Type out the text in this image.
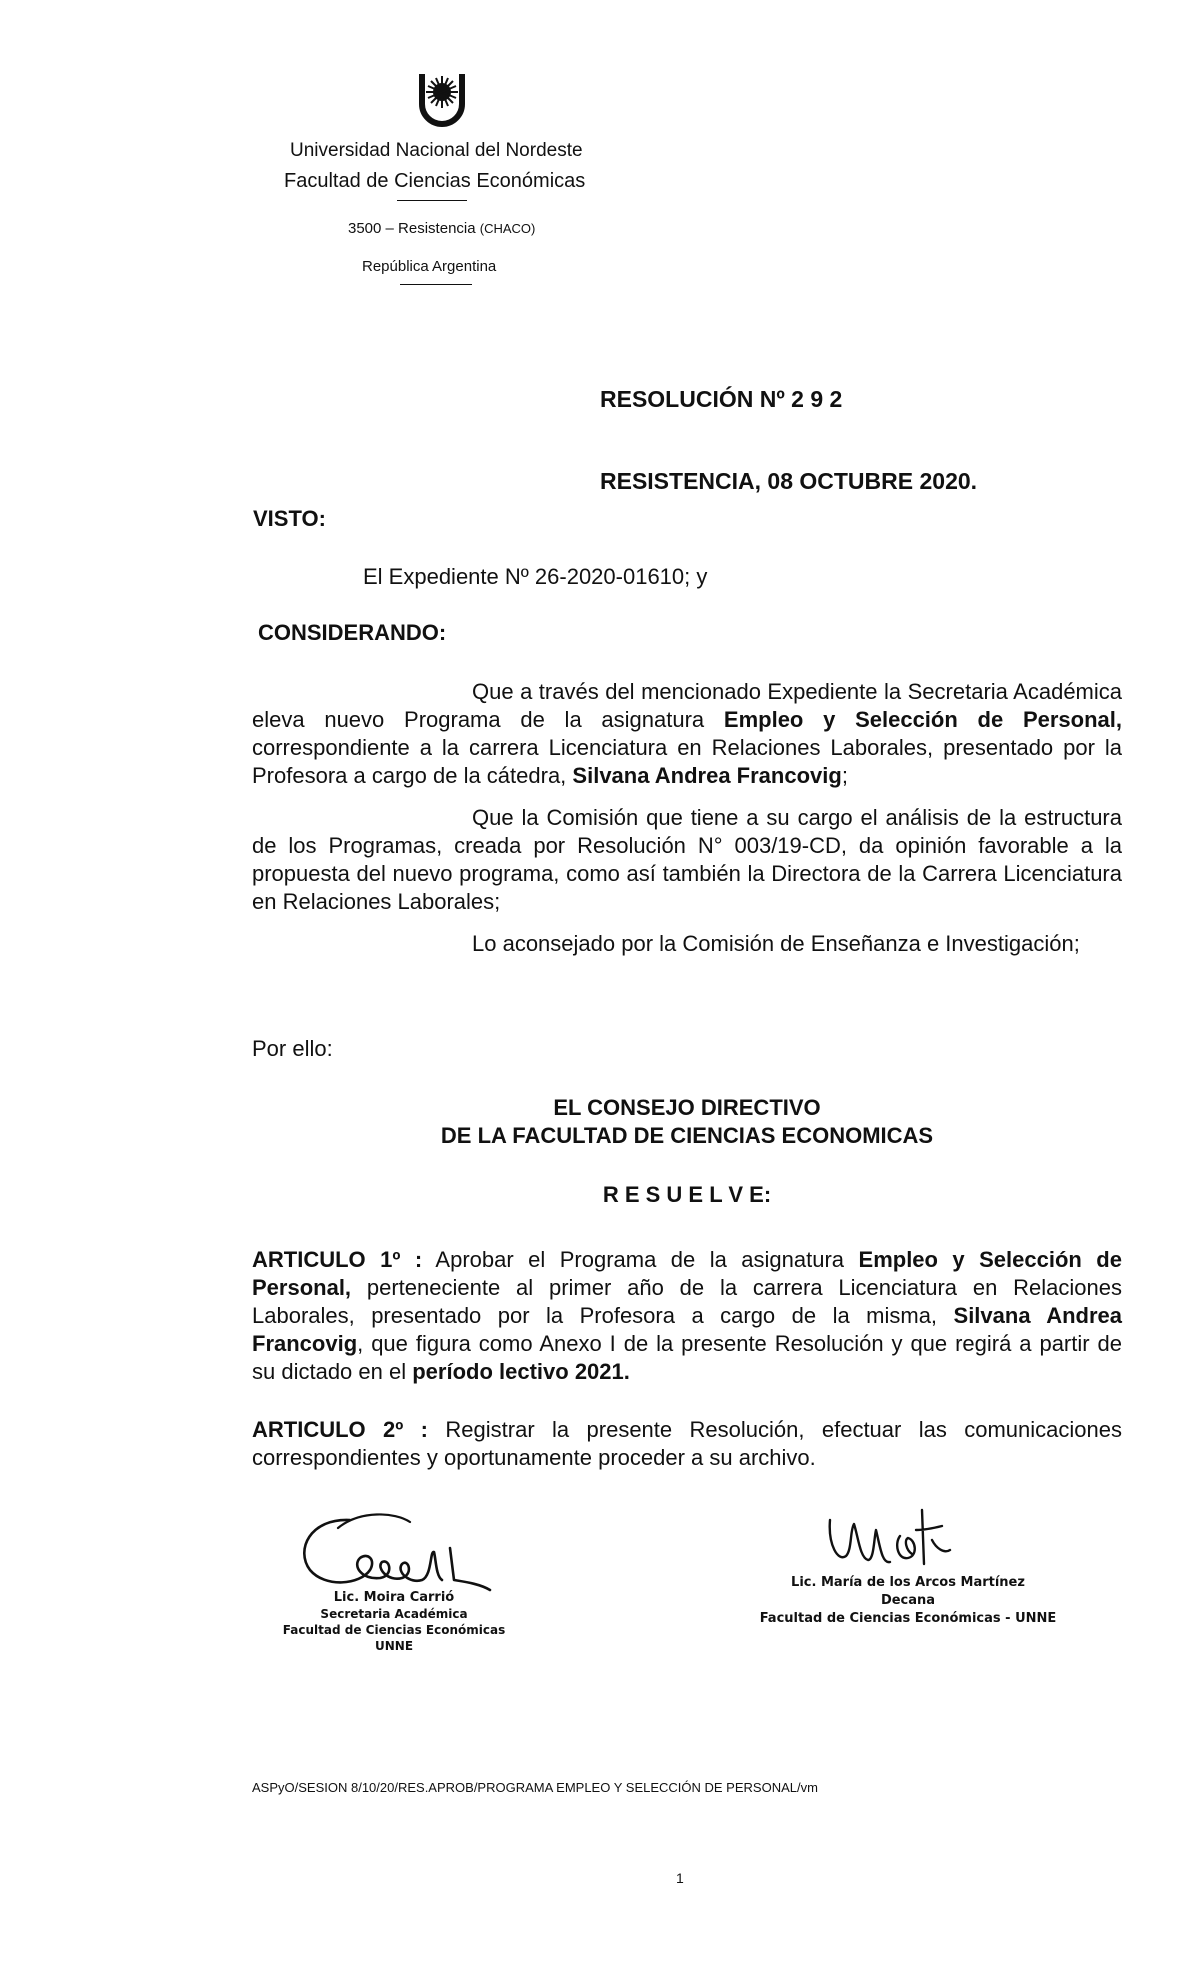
Universidad Nacional del Nordeste
Facultad de Ciencias Económicas
3500 – Resistencia (CHACO)
República Argentina
RESOLUCIÓN Nº 2 9 2
RESISTENCIA, 08 OCTUBRE 2020.
VISTO:
El Expediente Nº 26-2020-01610; y
CONSIDERANDO:
Que a través del mencionado Expediente la Secretaria Académica eleva nuevo Programa de la asignatura Empleo y Selección de Personal, correspondiente a la carrera Licenciatura en Relaciones Laborales, presentado por la Profesora a cargo de la cátedra, Silvana Andrea Francovig;
Que la Comisión que tiene a su cargo el análisis de la estructura de los Programas, creada por Resolución N° 003/19-CD, da opinión favorable a la propuesta del nuevo programa, como así también la Directora de la Carrera Licenciatura en Relaciones Laborales;
Lo aconsejado por la Comisión de Enseñanza e Investigación;
Por ello:
EL CONSEJO DIRECTIVO
DE LA FACULTAD DE CIENCIAS ECONOMICAS
R E S U E L V E:
ARTICULO 1º : Aprobar el Programa de la asignatura Empleo y Selección de Personal, perteneciente al primer año de la carrera Licenciatura en Relaciones Laborales, presentado por la Profesora a cargo de la misma, Silvana Andrea Francovig, que figura como Anexo I de la presente Resolución y que regirá a partir de su dictado en el período lectivo 2021.
ARTICULO 2º : Registrar la presente Resolución, efectuar las comunicaciones correspondientes y oportunamente proceder a su archivo.
Lic. Moira Carrió
Secretaria Académica
Facultad de Ciencias Económicas UNNE
Lic. María de los Arcos Martínez
Decana
Facultad de Ciencias Económicas - UNNE
ASPyO/SESION 8/10/20/RES.APROB/PROGRAMA EMPLEO Y SELECCIÓN DE PERSONAL/vm
1
